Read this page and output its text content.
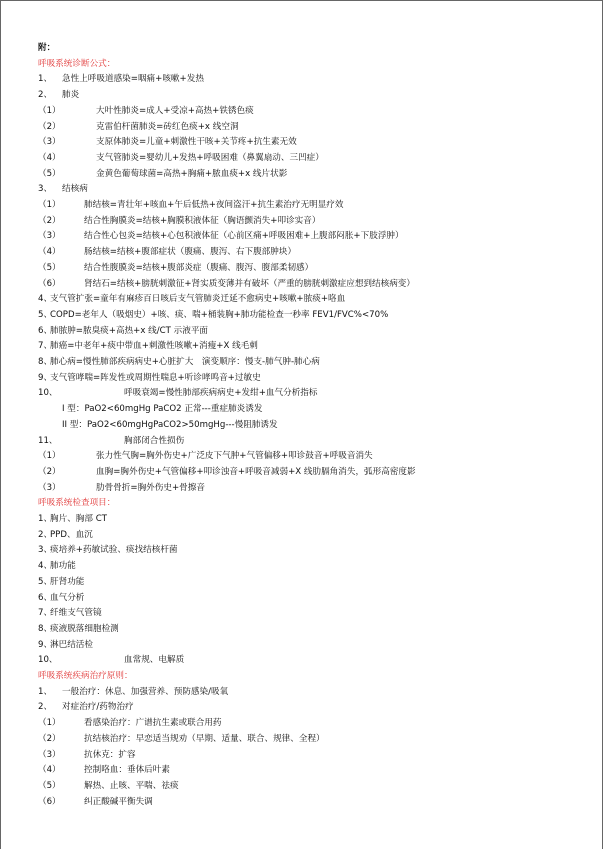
附：
呼吸系统诊断公式：
1、 急性上呼吸道感染=咽痛+咳嗽+发热
2、 肺炎
（1）	大叶性肺炎=成人+受凉+高热+铁锈色痰
（2）	克雷伯杆菌肺炎=砖红色痰+x 线空洞
（3）	支原体肺炎=儿童+刺激性干咳+关节疼+抗生素无效
（4）	支气管肺炎=婴幼儿+发热+呼吸困难（鼻翼扇动、三凹症）
（5）	金黄色葡萄球菌=高热+胸痛+脓血痰+x 线片状影
3、 结核病
（1）	肺结核=青壮年+咳血+午后低热+夜间盗汗+抗生素治疗无明显疗效
（2）	结合性胸膜炎=结核+胸膜积液体征（胸语颤消失+叩诊实音）
（3）	结合性心包炎=结核+心包积液体征（心前区痛+呼吸困难+上腹部闷胀+下肢浮肿）
（4）	肠结核=结核+腹部症状（腹痛、腹泻、右下腹部肿块）
（5）	结合性腹膜炎=结核+腹部炎症（腹痛、腹泻、腹部柔韧感）
（6）	肾结石=结核+膀胱刺激征+肾实质变薄并有破坏（严重的膀胱刺激症应想到结核病变）
4、
支气管扩张=童年有麻疹百日咳后支气管肺炎迁延不愈病史+咳嗽+脓痰+咯血
5、
COPD=老年人（吸烟史）+咳、痰、喘+桶装胸+肺功能检查一秒率 FEV1/FVC%<70%
6、
肺脓肿=脓臭痰+高热+x 线/CT 示液平面
7、
肺癌=中老年+痰中带血+刺激性咳嗽+消瘦+X 线毛刺
8、
肺心病=慢性肺部疾病病史+心脏扩大　演变顺序：慢支-肺气肿-肺心病
9、
支气管哮喘=阵发性或周期性喘息+听诊哮鸣音+过敏史
10、	呼吸衰竭=慢性肺部疾病病史+发绀+血气分析指标
I 型：PaO2<60mgHg PaCO2 正常---重症肺炎诱发
II 型：PaO2<60mgHgPaCO2>50mgHg---慢阻肺诱发
11、	胸部闭合性损伤
（1）	张力性气胸=胸外伤史+广泛皮下气肿+气管偏移+叩诊鼓音+呼吸音消失
（2）	血胸=胸外伤史+气管偏移+叩诊浊音+呼吸音减弱+X 线肋膈角消失，弧形高密度影
（3）	肋骨骨折=胸外伤史+骨擦音
呼吸系统检查项目：
1、
胸片、胸部 CT
2、
PPD、血沉
3、
痰培养+药敏试验、痰找结核杆菌
4、
肺功能
5、
肝肾功能
6、
血气分析
7、
纤维支气管镜
8、
痰液脱落细胞检测
9、
淋巴结活检
10、	血常规、电解质
呼吸系统疾病治疗原则：
1、 一般治疗：休息、加强营养、预防感染/吸氧
2、 对症治疗/药物治疗
（1）	看感染治疗：广谱抗生素或联合用药
（2）	抗结核治疗：早恋适当规劝（早期、适量、联合、规律、全程）
（3）	抗休克：扩容
（4）	控制咯血：垂体后叶素
（5）	解热、止咳、平喘、祛痰
（6）	纠正酸碱平衡失调
